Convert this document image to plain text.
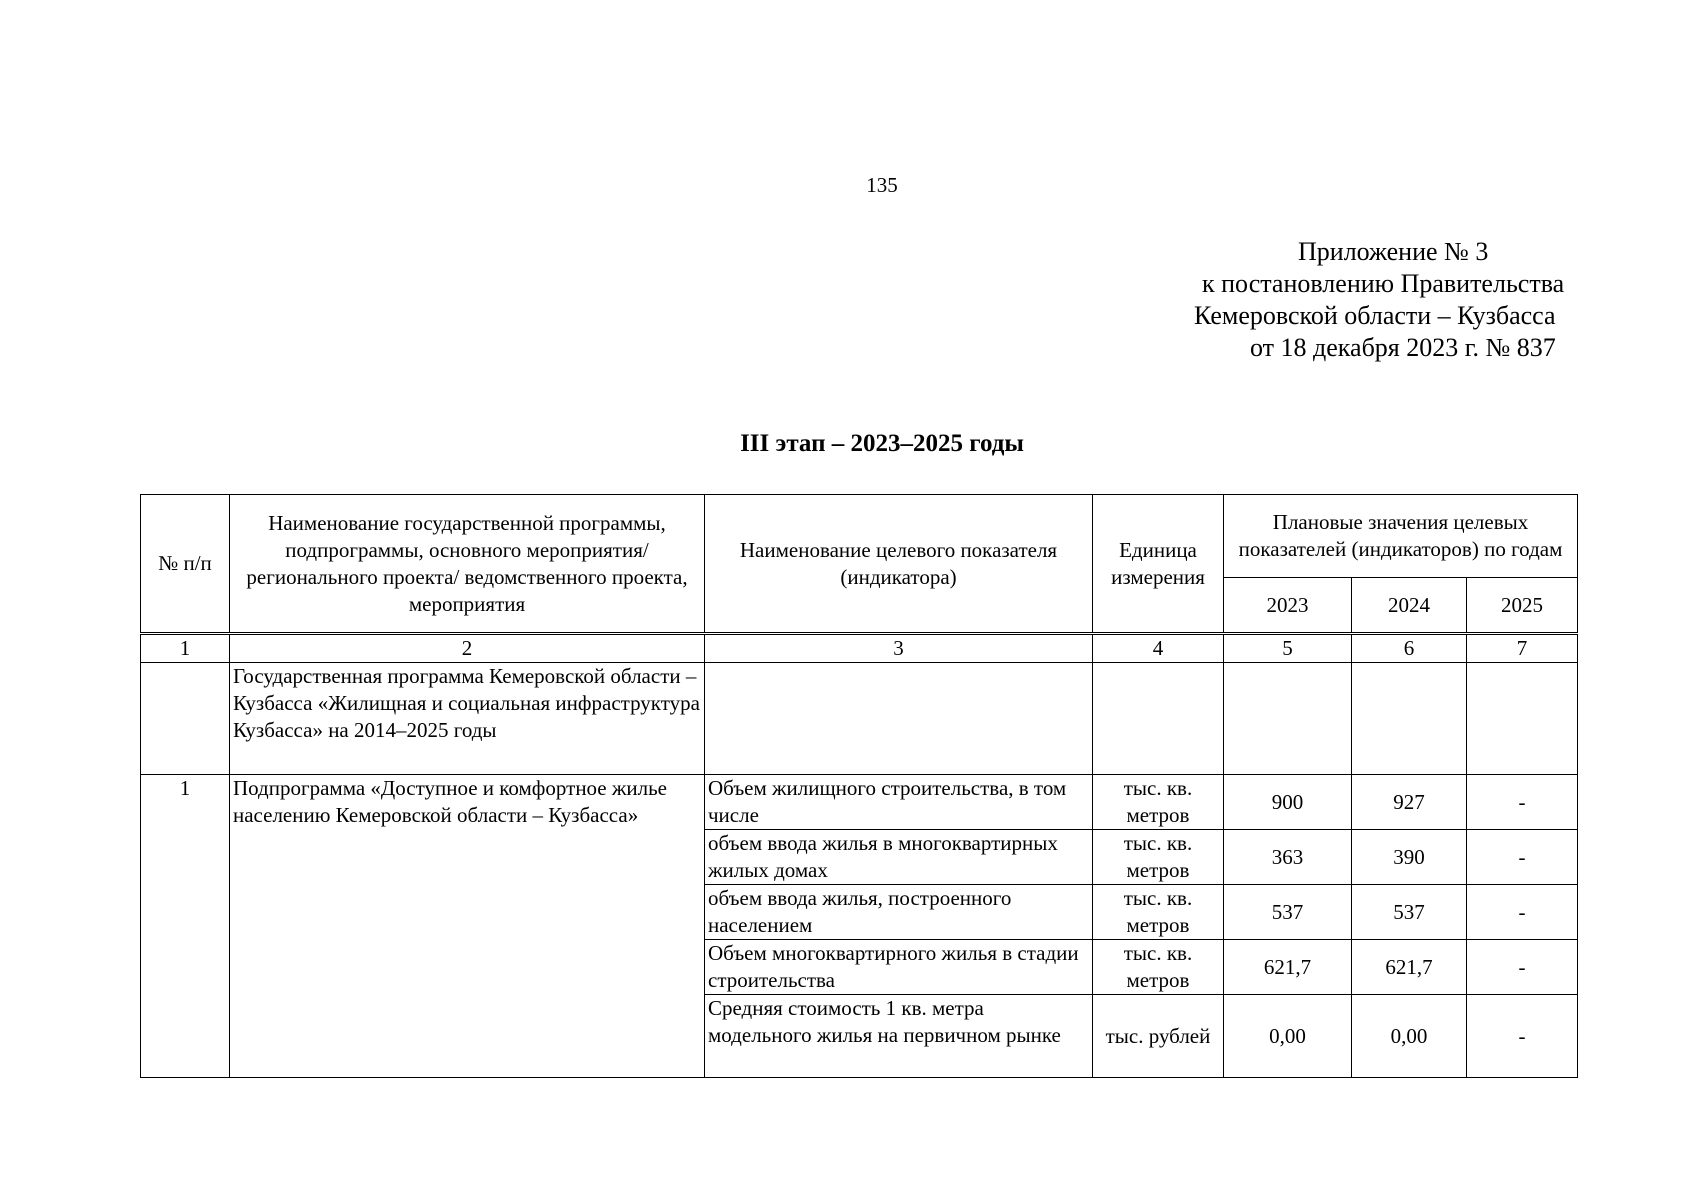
135
Приложение № 3
к постановлению Правительства
Кемеровской области – Кузбасса
от 18 декабря 2023 г. № 837
III этап – 2023–2025 годы
№ п/п	Наименование государственной программы, подпрограммы, основного мероприятия/ регионального проекта/ ведомственного проекта, мероприятия	Наименование целевого показателя (индикатора)	Единица измерения	Плановые значения целевых показателей (индикаторов) по годам		
				2023	2024	2025
1	2	3	4	5	6	7
	Государственная программа Кемеровской области – Кузбасса «Жилищная и социальная инфраструктура Кузбасса» на 2014–2025 годы					
1	Подпрограмма «Доступное и комфортное жилье населению Кемеровской области – Кузбасса»	Объем жилищного строительства, в том числе	тыс. кв. метров	900	927	-
		объем ввода жилья в многоквартирных жилых домах	тыс. кв. метров	363	390	-
		объем ввода жилья, построенного населением	тыс. кв. метров	537	537	-
		Объем многоквартирного жилья в стадии строительства	тыс. кв. метров	621,7	621,7	-
		Средняя стоимость 1 кв. метра модельного жилья на первичном рынке	тыс. рублей	0,00	0,00	-
